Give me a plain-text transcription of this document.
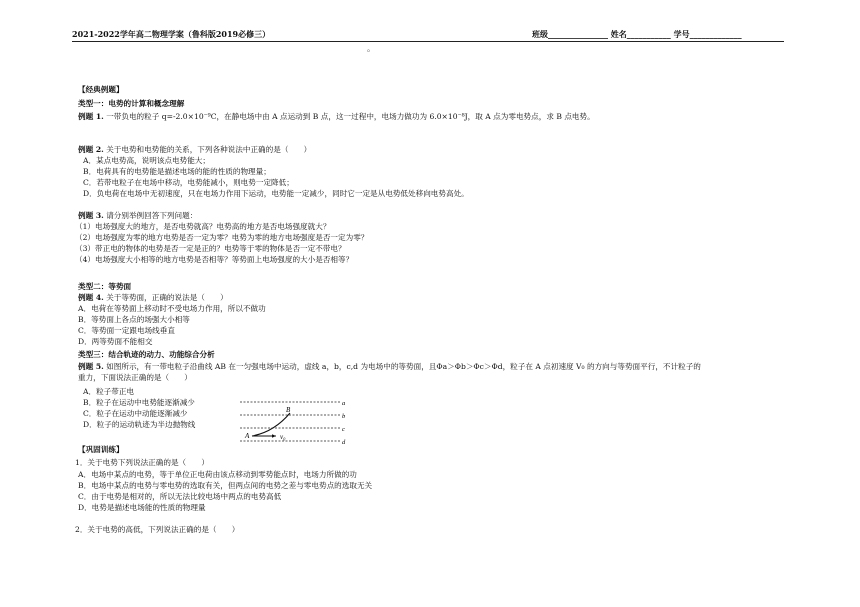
2021-2022学年高二物理学案（鲁科版2019必修三）	班级_______________ 姓名___________ 学号_____________
。
【经典例题】
类型一：电势的计算和概念理解
例题 1. 一带负电的粒子 q=-2.0×10⁻⁹C，在静电场中由 A 点运动到 B 点，这一过程中，电场力做功为 6.0×10⁻⁸J，取 A 点为零电势点，求 B 点电势。
例题 2. 关于电势和电势能的关系，下列各种说法中正确的是（　　）
A．某点电势高，说明该点电势能大；
B．电荷具有的电势能是描述电场的能的性质的物理量；
C．若带电粒子在电场中移动，电势能减小，则电势一定降低；
D．负电荷在电场中无初速度，只在电场力作用下运动，电势能一定减少，同时它一定是从电势低处移向电势高处。
例题 3. 请分别举例回答下列问题：
（1）电场强度大的地方，是否电势就高？电势高的地方是否电场强度就大？
（2）电场强度为零的地方电势是否一定为零？电势为零的地方电场强度是否一定为零？
（3）带正电的物体的电势是否一定是正的？电势等于零的物体是否一定不带电？
（4）电场强度大小相等的地方电势是否相等？等势面上电场强度的大小是否相等？
类型二：等势面
例题 4. 关于等势面，正确的说法是（　　）
A．电荷在等势面上移动时不受电场力作用，所以不做功
B．等势面上各点的场强大小相等
C．等势面一定跟电场线垂直
D．两等势面不能相交
类型三：结合轨迹的动力、功能综合分析
例题 5. 如图所示，有一带电粒子沿曲线 AB 在一匀强电场中运动，虚线 a，b，c,d 为电场中的等势面，且Φa＞Φb＞Φc＞Φd，粒子在 A 点初速度 V₀ 的方向与等势面平行，不计粒子的
重力，下面说法正确的是（　　）
A．粒子带正电
B．粒子在运动中电势能逐渐减少
C．粒子在运动中动能逐渐减少
D．粒子的运动轨迹为半边抛物线
a
b
c
d
A
B
v₀
【巩固训练】
1．关于电势下列说法正确的是（　　）
A．电场中某点的电势，等于单位正电荷由该点移动到零势能点时，电场力所做的功
B．电场中某点的电势与零电势的选取有关，但两点间的电势之差与零电势点的选取无关
C．由于电势是相对的，所以无法比较电场中两点的电势高低
D．电势是描述电场能的性质的物理量
2．关于电势的高低，下列说法正确的是（　　）
